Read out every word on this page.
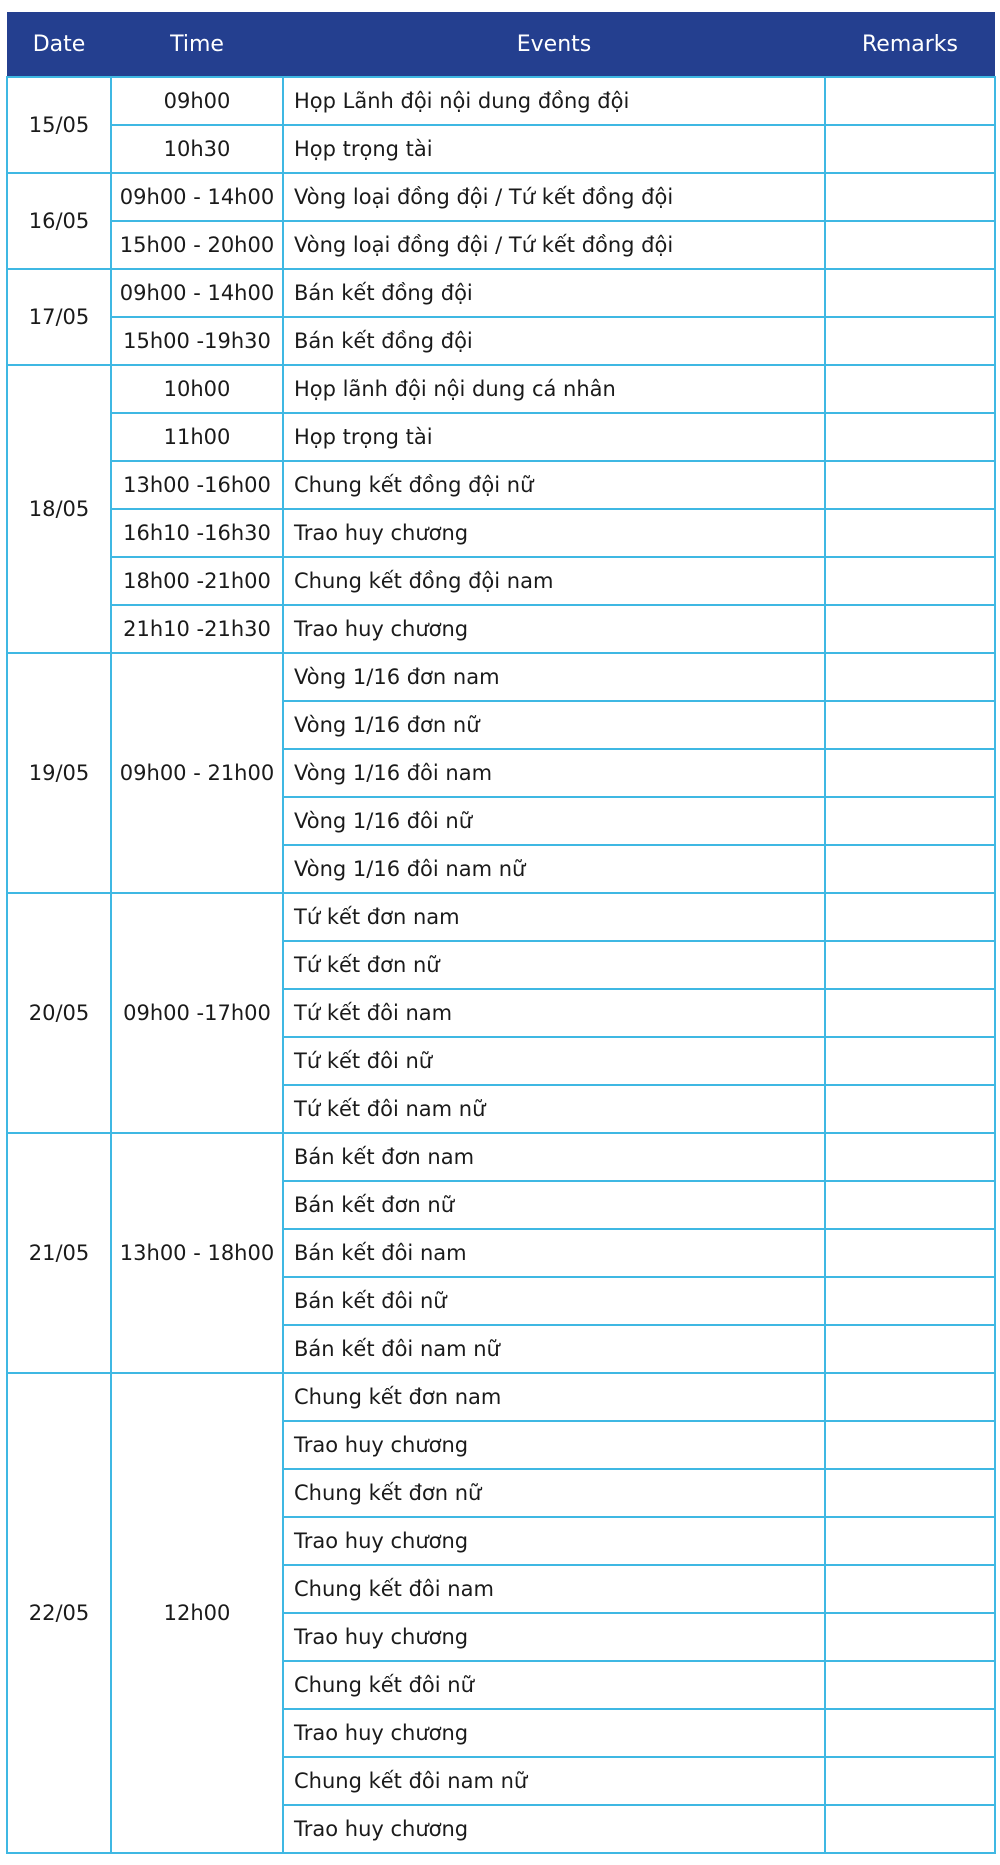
Date	Time	Events	Remarks
15/05	09h00	Họp Lãnh đội nội dung đồng đội	
	10h30	Họp trọng tài	
16/05	09h00 - 14h00	Vòng loại đồng đội / Tứ kết đồng đội	
	15h00 - 20h00	Vòng loại đồng đội / Tứ kết đồng đội	
17/05	09h00 - 14h00	Bán kết đồng đội	
	15h00 -19h30	Bán kết đồng đội	
18/05	10h00	Họp lãnh đội nội dung cá nhân	
	11h00	Họp trọng tài	
	13h00 -16h00	Chung kết đồng đội nữ	
	16h10 -16h30	Trao huy chương	
	18h00 -21h00	Chung kết đồng đội nam	
	21h10 -21h30	Trao huy chương	
19/05	09h00 - 21h00	Vòng 1/16 đơn nam	
		Vòng 1/16 đơn nữ	
		Vòng 1/16 đôi nam	
		Vòng 1/16 đôi nữ	
		Vòng 1/16 đôi nam nữ	
20/05	09h00 -17h00	Tứ kết đơn nam	
		Tứ kết đơn nữ	
		Tứ kết đôi nam	
		Tứ kết đôi nữ	
		Tứ kết đôi nam nữ	
21/05	13h00 - 18h00	Bán kết đơn nam	
		Bán kết đơn nữ	
		Bán kết đôi nam	
		Bán kết đôi nữ	
		Bán kết đôi nam nữ	
22/05	12h00	Chung kết đơn nam	
		Trao huy chương	
		Chung kết đơn nữ	
		Trao huy chương	
		Chung kết đôi nam	
		Trao huy chương	
		Chung kết đôi nữ	
		Trao huy chương	
		Chung kết đôi nam nữ	
		Trao huy chương	
